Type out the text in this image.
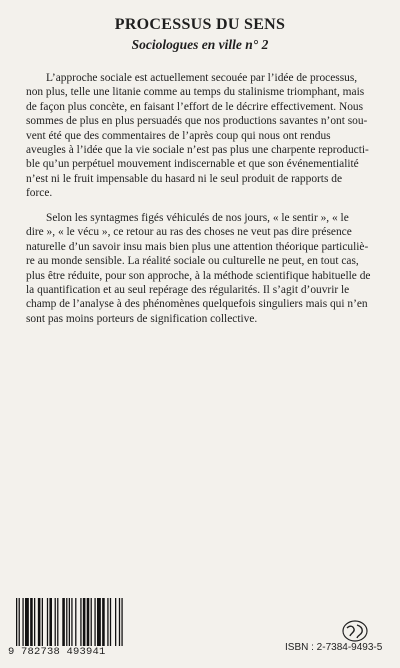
PROCESSUS DU SENS
Sociologues en ville n° 2
L’approche sociale est actuellement secouée par l’idée de processus,
non plus, telle une litanie comme au temps du stalinisme triomphant, mais
de façon plus concète, en faisant l’effort de le décrire effectivement. Nous
sommes de plus en plus persuadés que nos productions savantes n’ont sou-
vent été que des commentaires de l’après coup qui nous ont rendus
aveugles à l’idée que la vie sociale n’est pas plus une charpente reproducti-
ble qu’un perpétuel mouvement indiscernable et que son événementialité
n’est ni le fruit impensable du hasard ni le seul produit de rapports de
force.
Selon les syntagmes figés véhiculés de nos jours, « le sentir », « le
dire », « le vécu », ce retour au ras des choses ne veut pas dire présence
naturelle d’un savoir insu mais bien plus une attention théorique particuliè-
re au monde sensible. La réalité sociale ou culturelle ne peut, en tout cas,
plus être réduite, pour son approche, à la méthode scientifique habituelle de
la quantification et au seul repérage des régularités. Il s’agit d’ouvrir le
champ de l’analyse à des phénomènes quelquefois singuliers mais qui n’en
sont pas moins porteurs de signification collective.
9 782738 493941	ISBN : 2-7384-9493-5
